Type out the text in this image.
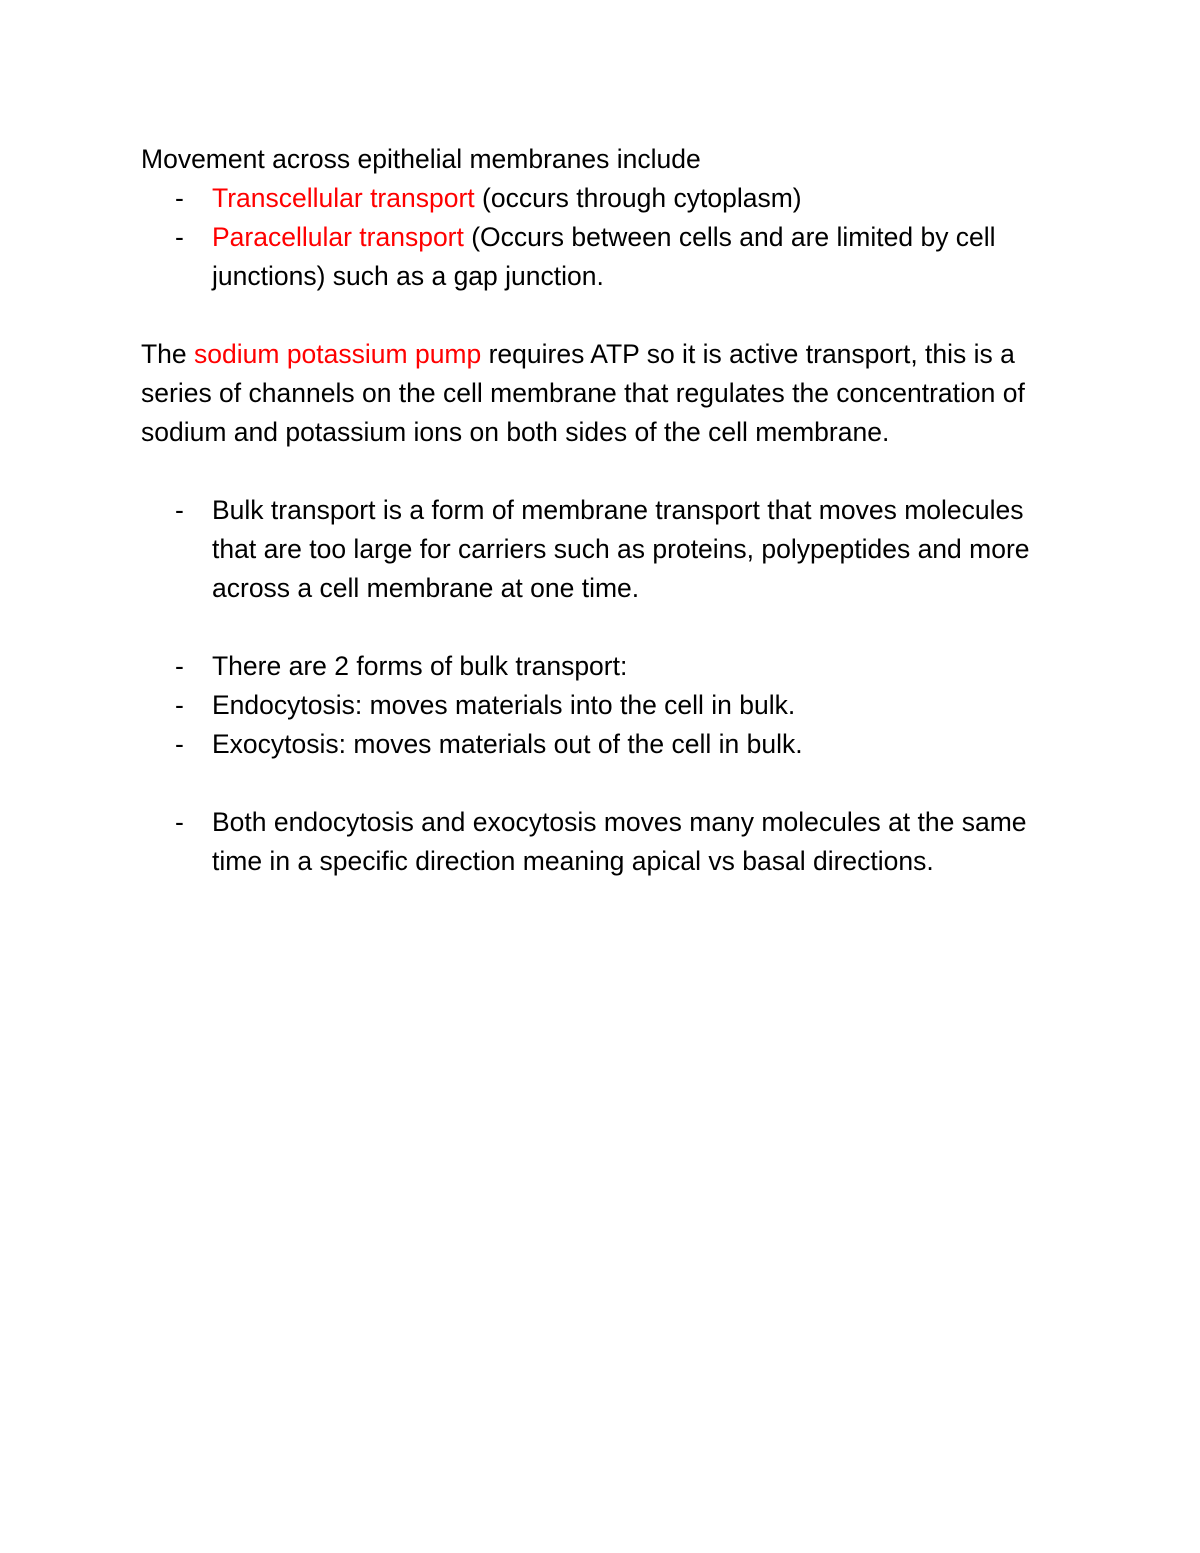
Movement across epithelial membranes include

- Transcellular transport (occurs through cytoplasm)
- Paracellular transport (Occurs between cells and are limited by cell junctions) such as a gap junction.

The sodium potassium pump requires ATP so it is active transport, this is a series of channels on the cell membrane that regulates the concentration of sodium and potassium ions on both sides of the cell membrane.

- Bulk transport is a form of membrane transport that moves molecules that are too large for carriers such as proteins, polypeptides and more across a cell membrane at one time.
- There are 2 forms of bulk transport:
- Endocytosis: moves materials into the cell in bulk.
- Exocytosis: moves materials out of the cell in bulk.
- Both endocytosis and exocytosis moves many molecules at the same time in a specific direction meaning apical vs basal directions.
